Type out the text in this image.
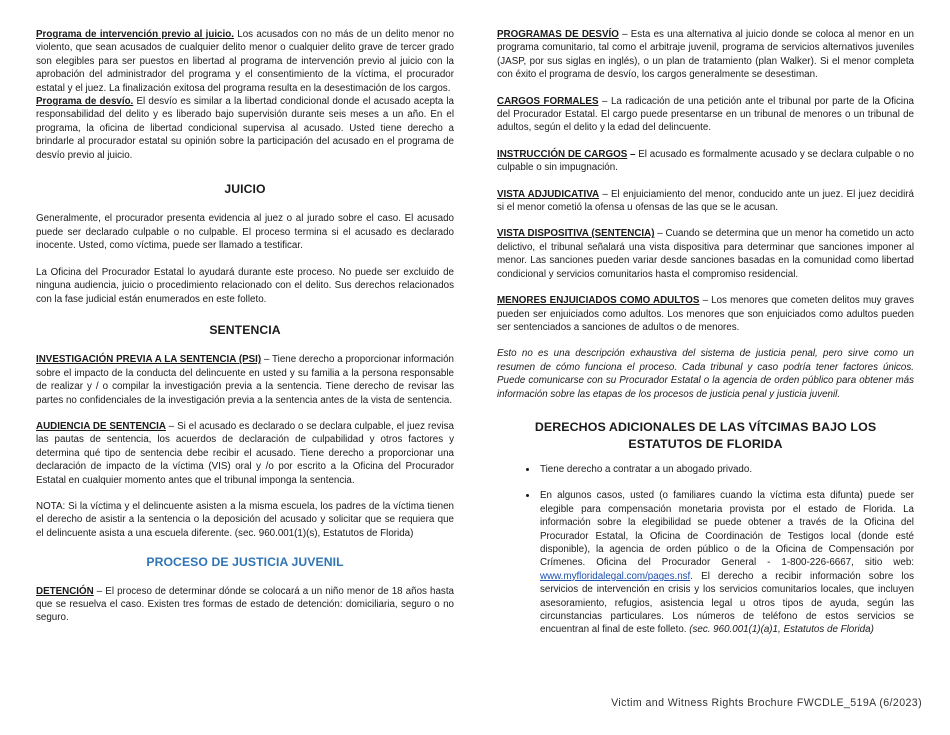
Programa de intervención previo al juicio. Los acusados con no más de un delito menor no violento, que sean acusados de cualquier delito menor o cualquier delito grave de tercer grado son elegibles para ser puestos en libertad al programa de intervención previo al juicio con la aprobación del administrador del programa y el consentimiento de la víctima, el procurador estatal y el juez. La finalización exitosa del programa resulta en la desestimación de los cargos.

Programa de desvío. El desvío es similar a la libertad condicional donde el acusado acepta la responsabilidad del delito y es liberado bajo supervisión durante seis meses a un año. En el programa, la oficina de libertad condicional supervisa al acusado. Usted tiene derecho a brindarle al procurador estatal su opinión sobre la participación del acusado en el programa de desvío previo al juicio.

JUICIO

Generalmente, el procurador presenta evidencia al juez o al jurado sobre el caso. El acusado puede ser declarado culpable o no culpable. El proceso termina si el acusado es declarado inocente. Usted, como víctima, puede ser llamado a testificar.

La Oficina del Procurador Estatal lo ayudará durante este proceso. No puede ser excluido de ninguna audiencia, juicio o procedimiento relacionado con el delito. Sus derechos relacionados con la fase judicial están enumerados en este folleto.

SENTENCIA

INVESTIGACIÓN PREVIA A LA SENTENCIA (PSI) – Tiene derecho a proporcionar información sobre el impacto de la conducta del delincuente en usted y su familia a la persona responsable de realizar y / o compilar la investigación previa a la sentencia. Tiene derecho de revisar las partes no confidenciales de la investigación previa a la sentencia antes de la vista de sentencia.

AUDIENCIA DE SENTENCIA – Si el acusado es declarado o se declara culpable, el juez revisa las pautas de sentencia, los acuerdos de declaración de culpabilidad y otros factores y determina qué tipo de sentencia debe recibir el acusado. Tiene derecho a proporcionar una declaración de impacto de la víctima (VIS) oral y /o por escrito a la Oficina del Procurador Estatal en cualquier momento antes que el tribunal imponga la sentencia.

NOTA: Si la víctima y el delincuente asisten a la misma escuela, los padres de la víctima tienen el derecho de asistir a la sentencia o la deposición del acusado y solicitar que se requiera que el delincuente asista a una escuela diferente. (sec. 960.001(1)(s), Estatutos de Florida)

PROCESO DE JUSTICIA JUVENIL

DETENCIÓN – El proceso de determinar dónde se colocará a un niño menor de 18 años hasta que se resuelva el caso. Existen tres formas de estado de detención: domiciliaria, seguro o no seguro.

PROGRAMAS DE DESVÍO – Esta es una alternativa al juicio donde se coloca al menor en un programa comunitario, tal como el arbitraje juvenil, programa de servicios alternativos juveniles (JASP, por sus siglas en inglés), o un plan de tratamiento (plan Walker). Si el menor completa con éxito el programa de desvío, los cargos generalmente se desestiman.

CARGOS FORMALES – La radicación de una petición ante el tribunal por parte de la Oficina del Procurador Estatal. El cargo puede presentarse en un tribunal de menores o un tribunal de adultos, según el delito y la edad del delincuente.

INSTRUCCIÓN DE CARGOS – El acusado es formalmente acusado y se declara culpable o no culpable o sin impugnación.

VISTA ADJUDICATIVA – El enjuiciamiento del menor, conducido ante un juez. El juez decidirá si el menor cometió la ofensa u ofensas de las que se le acusan.

VISTA DISPOSITIVA (SENTENCIA) – Cuando se determina que un menor ha cometido un acto delictivo, el tribunal señalará una vista dispositiva para determinar que sanciones imponer al menor. Las sanciones pueden variar desde sanciones basadas en la comunidad como libertad condicional y servicios comunitarios hasta el compromiso residencial.

MENORES ENJUICIADOS COMO ADULTOS – Los menores que cometen delitos muy graves pueden ser enjuiciados como adultos. Los menores que son enjuiciados como adultos pueden ser sentenciados a sanciones de adultos o de menores.

Esto no es una descripción exhaustiva del sistema de justicia penal, pero sirve como un resumen de cómo funciona el proceso. Cada tribunal y caso podría tener factores únicos. Puede comunicarse con su Procurador Estatal o la agencia de orden público para obtener más información sobre las etapas de los procesos de justicia penal y justicia juvenil.

DERECHOS ADICIONALES DE LAS VÍTCIMAS BAJO LOS ESTATUTOS DE FLORIDA
• Tiene derecho a contratar a un abogado privado.
• En algunos casos, usted (o familiares cuando la víctima esta difunta) puede ser elegible para compensación monetaria provista por el estado de Florida. La información sobre la elegibilidad se puede obtener a través de la Oficina del Procurador Estatal, la Oficina de Coordinación de Testigos local (donde esté disponible), la agencia de orden público o de la Oficina de Compensación por Crímenes. Oficina del Procurador General - 1-800-226-6667, sitio web: www.myfloridalegal.com/pages.nsf. El derecho a recibir información sobre los servicios de intervención en crisis y los servicios comunitarios locales, que incluyen asesoramiento, refugios, asistencia legal u otros tipos de ayuda, según las circunstancias particulares. Los números de teléfono de estos servicios se encuentran al final de este folleto. (sec. 960.001(1)(a)1, Estatutos de Florida)
Victim and Witness Rights Brochure FWCDLE_519A (6/2023)
